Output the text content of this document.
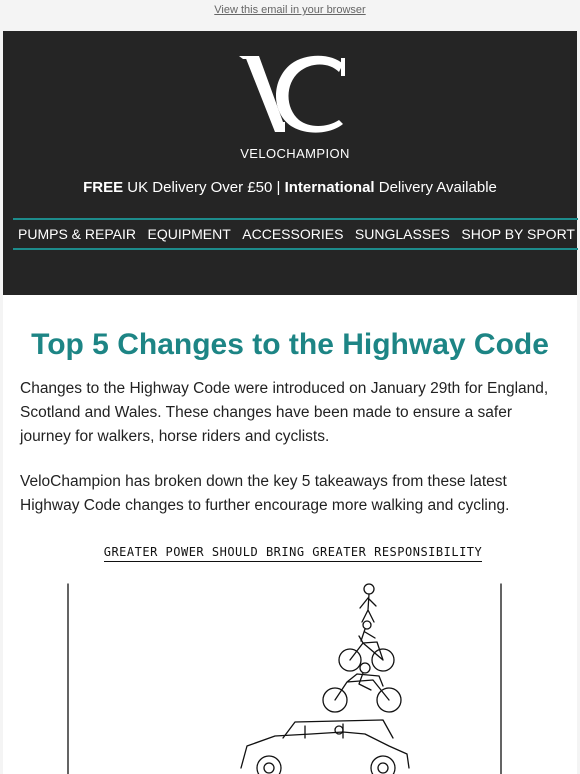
View this email in your browser
VELOCHAMPION
FREE UK Delivery Over £50 | International Delivery Available
PUMPS & REPAIR EQUIPMENT ACCESSORIES SUNGLASSES SHOP BY SPORT
Top 5 Changes to the Highway Code

Changes to the Highway Code were introduced on January 29th for England, Scotland and Wales. These changes have been made to ensure a safer journey for walkers, horse riders and cyclists.

VeloChampion has broken down the key 5 takeaways from these latest Highway Code changes to further encourage more walking and cycling.

GREATER POWER SHOULD BRING GREATER RESPONSIBILITY
